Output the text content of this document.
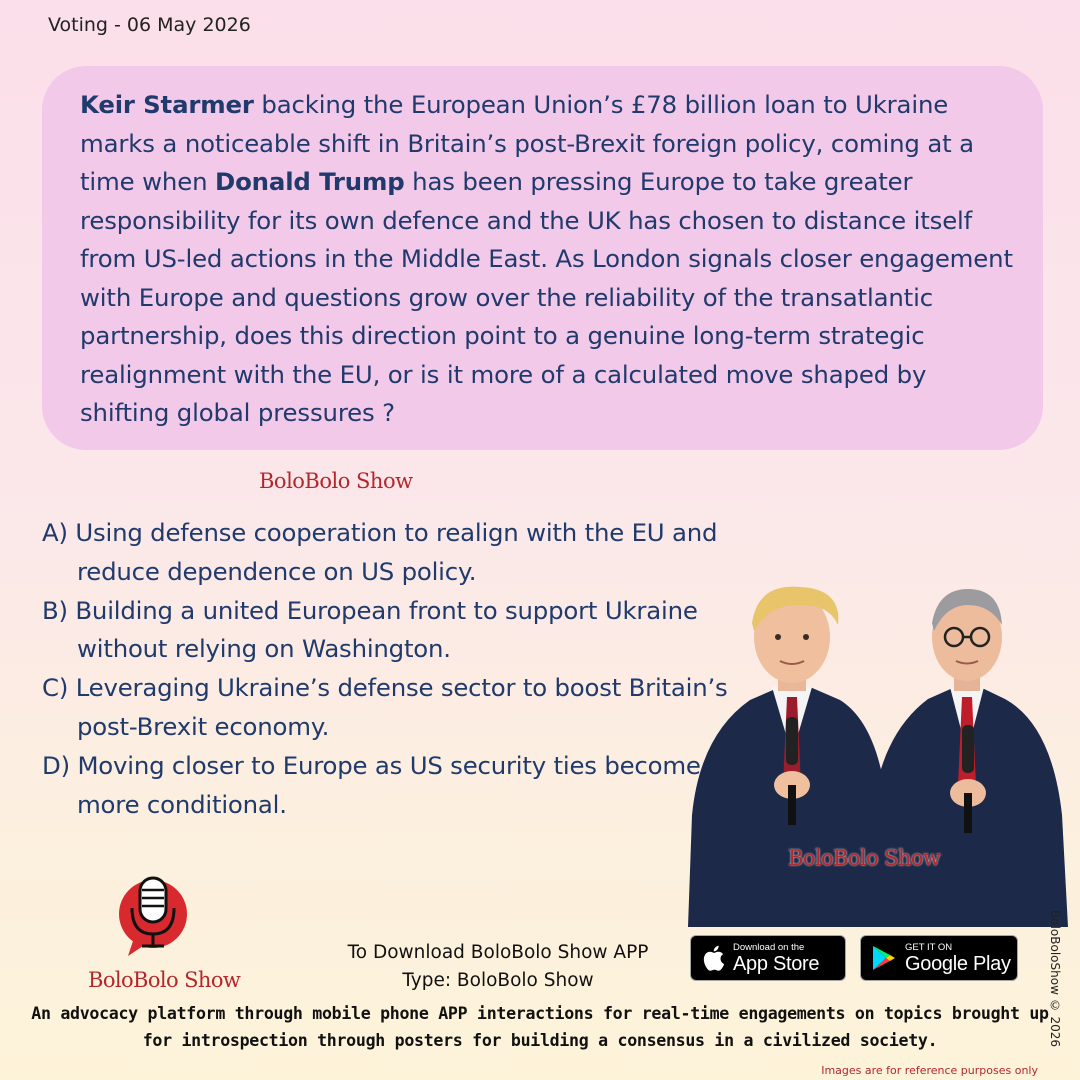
Voting - 06 May 2026

Keir Starmer backing the European Union’s £78 billion loan to Ukraine marks a noticeable shift in Britain’s post-Brexit foreign policy, coming at a time when Donald Trump has been pressing Europe to take greater responsibility for its own defence and the UK has chosen to distance itself from US-led actions in the Middle East. As London signals closer engagement with Europe and questions grow over the reliability of the transatlantic partnership, does this direction point to a genuine long-term strategic realignment with the EU, or is it more of a calculated move shaped by shifting global pressures ?

BoloBolo Show
A) Using defense cooperation to realign with the EU and reduce dependence on US policy.
B) Building a united European front to support Ukraine without relying on Washington.
C) Leveraging Ukraine’s defense sector to boost Britain’s post-Brexit economy.
D) Moving closer to Europe as US security ties become more conditional.
BoloBolo Show
BoloBolo Show
To Download BoloBolo Show APP
Type: BoloBolo Show
Download on the
App Store
GET IT ON
Google Play
An advocacy platform through mobile phone APP interactions for real-time engagements on topics brought up for introspection through posters for building a consensus in a civilized society.	BoloBoloShow © 2026
Images are for reference purposes only
